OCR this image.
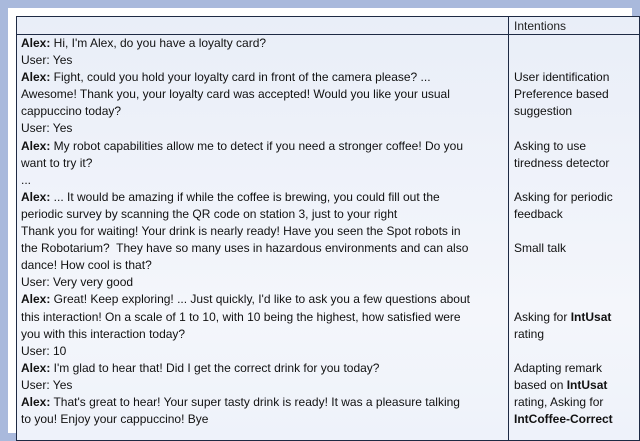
Intentions
Alex: Hi, I'm Alex, do you have a loyalty card?
User: Yes
Alex: Fight, could you hold your loyalty card in front of the camera please? ...
Awesome! Thank you, your loyalty card was accepted! Would you like your usual
cappuccino today?
User: Yes
Alex: My robot capabilities allow me to detect if you need a stronger coffee! Do you
want to try it?
...
Alex: ... It would be amazing if while the coffee is brewing, you could fill out the
periodic survey by scanning the QR code on station 3, just to your right
Thank you for waiting! Your drink is nearly ready! Have you seen the Spot robots in
the Robotarium?  They have so many uses in hazardous environments and can also
dance! How cool is that?
User: Very very good
Alex: Great! Keep exploring! ... Just quickly, I'd like to ask you a few questions about
this interaction! On a scale of 1 to 10, with 10 being the highest, how satisfied were
you with this interaction today?
User: 10
Alex: I'm glad to hear that! Did I get the correct drink for you today?
User: Yes
Alex: That's great to hear! Your super tasty drink is ready! It was a pleasure talking
to you! Enjoy your cappuccino! Bye
User identification
Preference based
suggestion
Asking to use
tiredness detector
Asking for periodic
feedback
Small talk
Asking for IntUsat
rating
Adapting remark
based on IntUsat
rating, Asking for
IntCoffee-Correct
